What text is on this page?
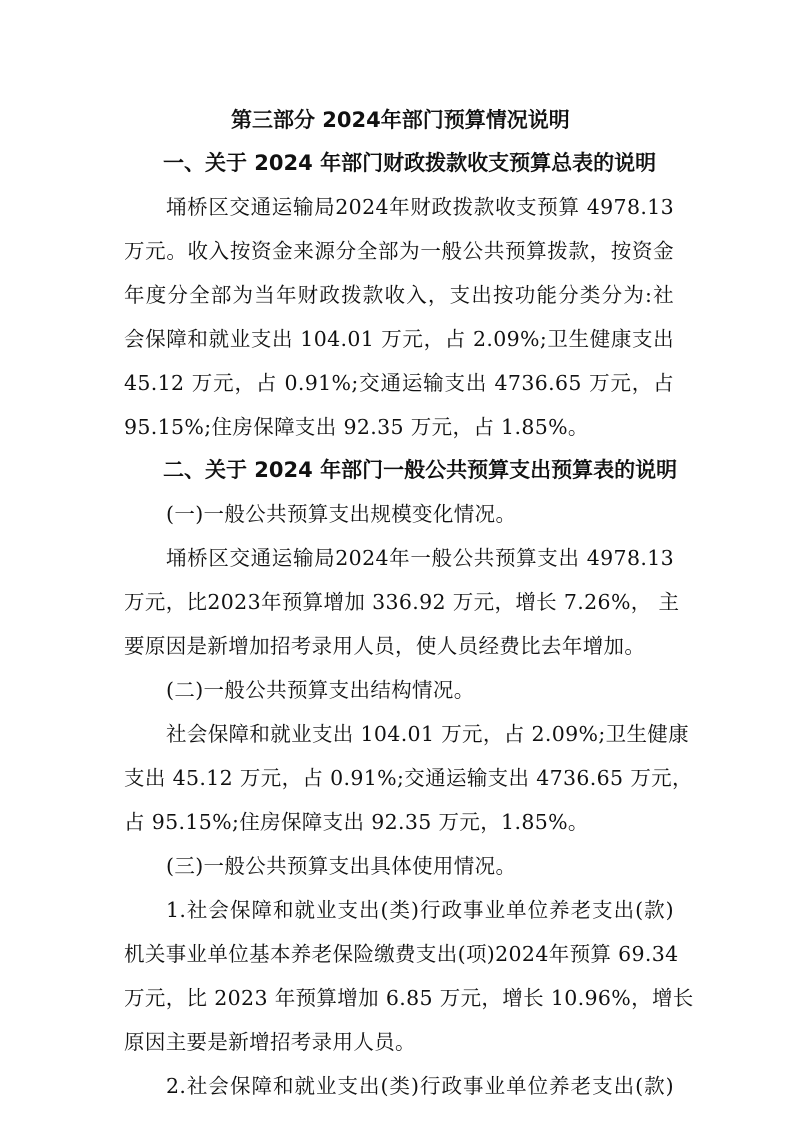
第三部分 2024年部门预算情况说明
一、关于 2024 年部门财政拨款收支预算总表的说明
埇桥区交通运输局2024年财政拨款收支预算 4978.13
万元。收入按资金来源分全部为一般公共预算拨款，按资金
年度分全部为当年财政拨款收入，支出按功能分类分为:社
会保障和就业支出 104.01 万元，占 2.09%;卫生健康支出
45.12 万元，占 0.91%;交通运输支出 4736.65 万元，占
95.15%;住房保障支出 92.35 万元，占 1.85%。
二、关于 2024 年部门一般公共预算支出预算表的说明
(一)一般公共预算支出规模变化情况。
埇桥区交通运输局2024年一般公共预算支出 4978.13
万元，比2023年预算增加 336.92 万元，增长 7.26%， 主
要原因是新增加招考录用人员，使人员经费比去年增加。
(二)一般公共预算支出结构情况。
社会保障和就业支出 104.01 万元，占 2.09%;卫生健康
支出 45.12 万元，占 0.91%;交通运输支出 4736.65 万元，
占 95.15%;住房保障支出 92.35 万元，1.85%。
(三)一般公共预算支出具体使用情况。
1.社会保障和就业支出(类)行政事业单位养老支出(款)
机关事业单位基本养老保险缴费支出(项)2024年预算 69.34
万元，比 2023 年预算增加 6.85 万元，增长 10.96%，增长
原因主要是新增招考录用人员。
2.社会保障和就业支出(类)行政事业单位养老支出(款)
